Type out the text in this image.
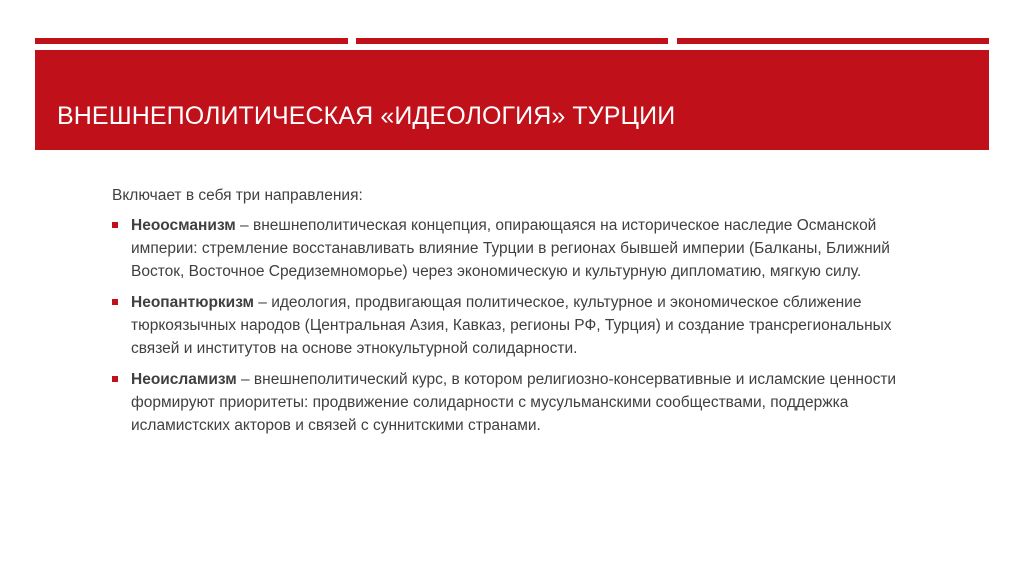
ВНЕШНЕПОЛИТИЧЕСКАЯ «ИДЕОЛОГИЯ» ТУРЦИИ

Включает в себя три направления:

Неоосманизм – внешнеполитическая концепция, опирающаяся на историческое наследие Османской империи: стремление восстанавливать влияние Турции в регионах бывшей империи (Балканы, Ближний Восток, Восточное Средиземноморье) через экономическую и культурную дипломатию, мягкую силу.
Неопантюркизм – идеология, продвигающая политическое, культурное и экономическое сближение тюркоязычных народов (Центральная Азия, Кавказ, регионы РФ, Турция) и создание трансрегиональных связей и институтов на основе этнокультурной солидарности.
Неоисламизм – внешнеполитический курс, в котором религиозно-консервативные и исламские ценности формируют приоритеты: продвижение солидарности с мусульманскими сообществами, поддержка исламистских акторов и связей с суннитскими странами.
